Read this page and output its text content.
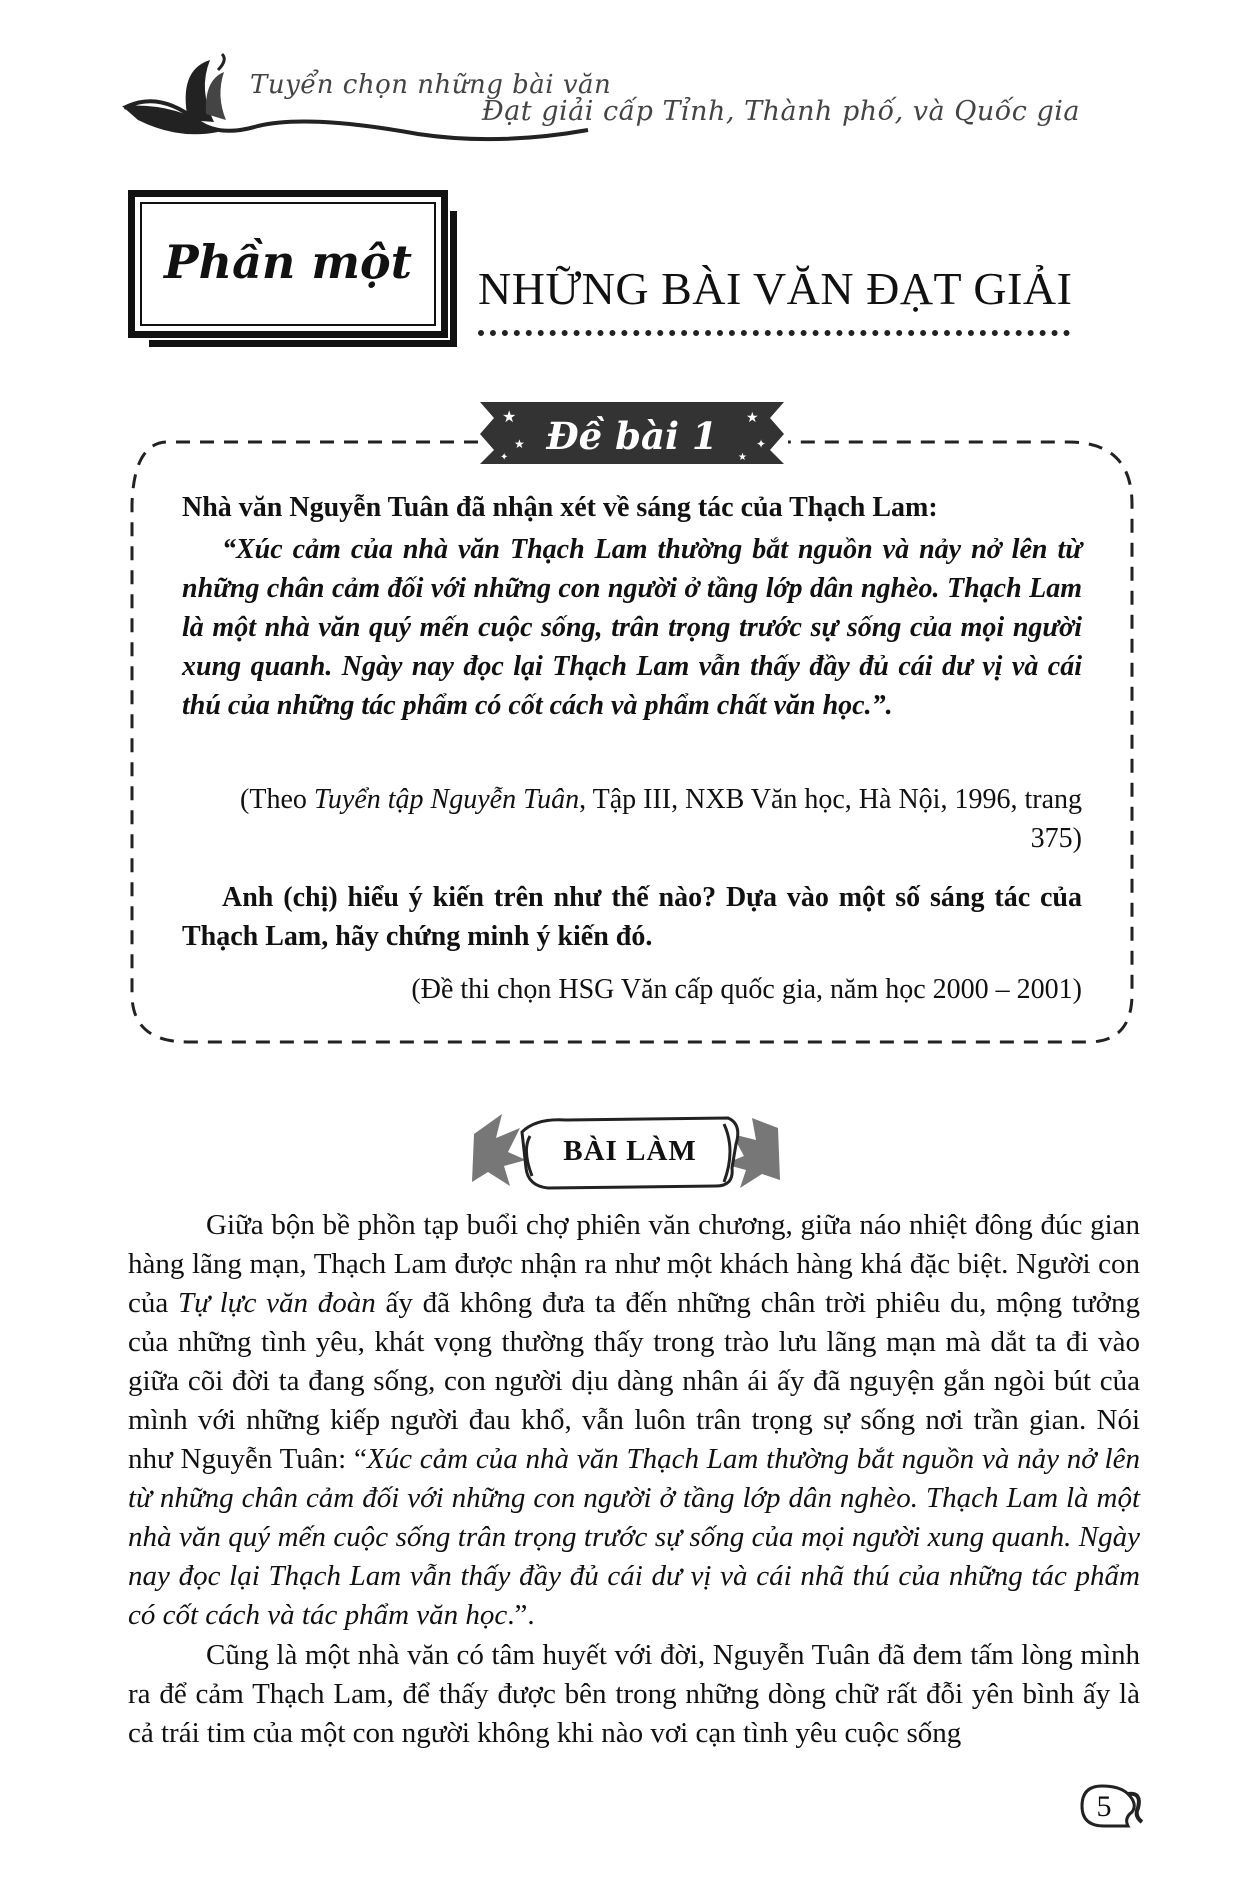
Tuyển chọn những bài văn
Đạt giải cấp Tỉnh, Thành phố, và Quốc gia
Phần một	NHỮNG BÀI VĂN ĐẠT GIẢI
★
★
✦
★
✦
★
Đề bài 1

Nhà văn Nguyễn Tuân đã nhận xét về sáng tác của Thạch Lam:

“Xúc cảm của nhà văn Thạch Lam thường bắt nguồn và nảy nở lên từ những chân cảm đối với những con người ở tầng lớp dân nghèo. Thạch Lam là một nhà văn quý mến cuộc sống, trân trọng trước sự sống của mọi người xung quanh. Ngày nay đọc lại Thạch Lam vẫn thấy đầy đủ cái dư vị và cái thú của những tác phẩm có cốt cách và phẩm chất văn học.”.

(Theo Tuyển tập Nguyễn Tuân, Tập III, NXB Văn học, Hà Nội, 1996, trang 375)

Anh (chị) hiểu ý kiến trên như thế nào? Dựa vào một số sáng tác của Thạch Lam, hãy chứng minh ý kiến đó.

(Đề thi chọn HSG Văn cấp quốc gia, năm học 2000 – 2001)

BÀI LÀM

Giữa bộn bề phồn tạp buổi chợ phiên văn chương, giữa náo nhiệt đông đúc gian hàng lãng mạn, Thạch Lam được nhận ra như một khách hàng khá đặc biệt. Người con của Tự lực văn đoàn ấy đã không đưa ta đến những chân trời phiêu du, mộng tưởng của những tình yêu, khát vọng thường thấy trong trào lưu lãng mạn mà dắt ta đi vào giữa cõi đời ta đang sống, con người dịu dàng nhân ái ấy đã nguyện gắn ngòi bút của mình với những kiếp người đau khổ, vẫn luôn trân trọng sự sống nơi trần gian. Nói như Nguyễn Tuân: “Xúc cảm của nhà văn Thạch Lam thường bắt nguồn và nảy nở lên từ những chân cảm đối với những con người ở tầng lớp dân nghèo. Thạch Lam là một nhà văn quý mến cuộc sống trân trọng trước sự sống của mọi người xung quanh. Ngày nay đọc lại Thạch Lam vẫn thấy đầy đủ cái dư vị và cái nhã thú của những tác phẩm có cốt cách và tác phẩm văn học.”.

Cũng là một nhà văn có tâm huyết với đời, Nguyễn Tuân đã đem tấm lòng mình ra để cảm Thạch Lam, để thấy được bên trong những dòng chữ rất đỗi yên bình ấy là cả trái tim của một con người không khi nào vơi cạn tình yêu cuộc sống

5
